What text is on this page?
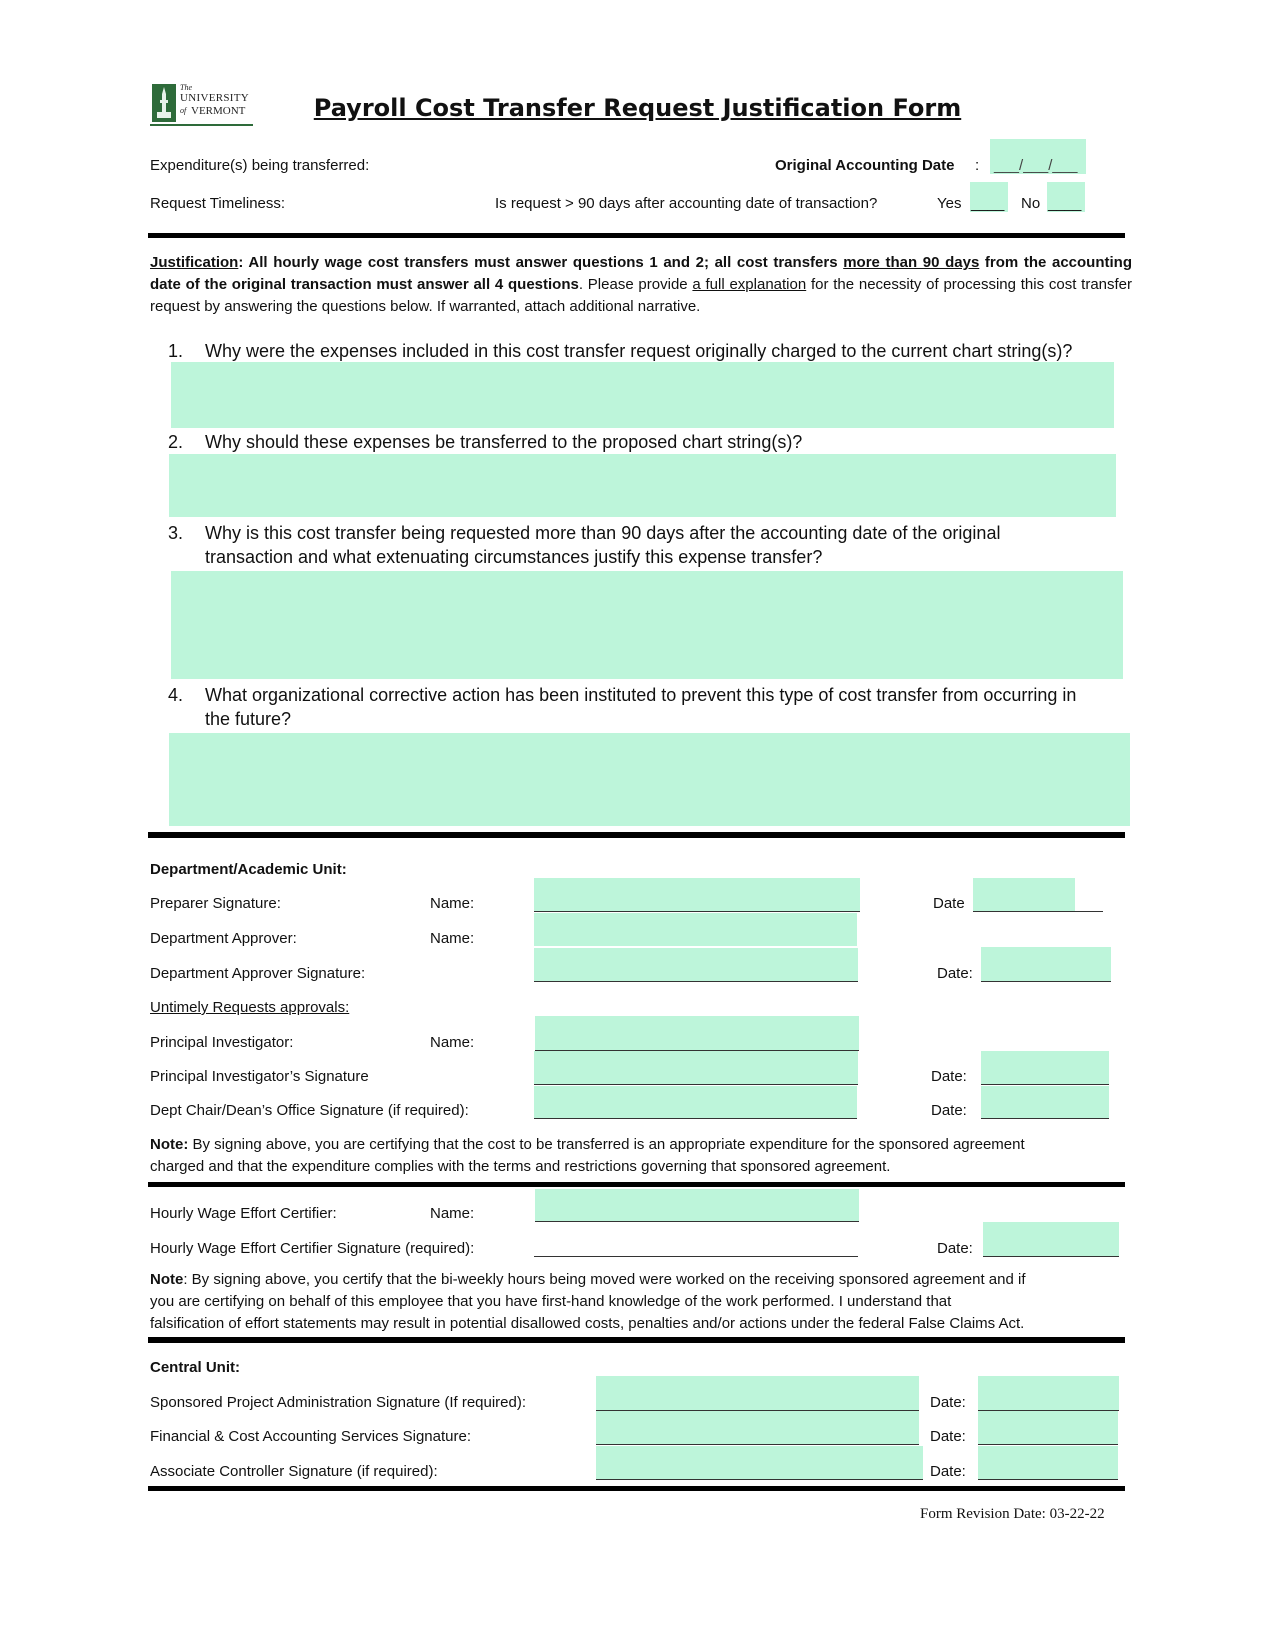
The
UNIVERSITY
of VERMONT	Payroll Cost Transfer Request Justification Form
Expenditure(s) being transferred:	Original Accounting Date : ___/___/___
Request Timeliness:	Is request > 90 days after accounting date of transaction?	Yes ____ No ____
Justification: All hourly wage cost transfers must answer questions 1 and 2; all cost transfers more than 90 days from the accounting date of the original transaction must answer all 4 questions. Please provide a full explanation for the necessity of processing this cost transfer request by answering the questions below. If warranted, attach additional narrative.
1. Why were the expenses included in this cost transfer request originally charged to the current chart string(s)?
2. Why should these expenses be transferred to the proposed chart string(s)?
3. Why is this cost transfer being requested more than 90 days after the accounting date of the original
transaction and what extenuating circumstances justify this expense transfer?
4. What organizational corrective action has been instituted to prevent this type of cost transfer from occurring in
the future?
Department/Academic Unit:
Preparer Signature:	Name:	Date
Department Approver:	Name:
Department Approver Signature:	Date:
Untimely Requests approvals:
Principal Investigator:	Name:
Principal Investigator’s Signature	Date:
Dept Chair/Dean’s Office Signature (if required):	Date:
Note: By signing above, you are certifying that the cost to be transferred is an appropriate expenditure for the sponsored agreement
charged and that the expenditure complies with the terms and restrictions governing that sponsored agreement.
Hourly Wage Effort Certifier:	Name:
Hourly Wage Effort Certifier Signature (required):	Date:
Note: By signing above, you certify that the bi-weekly hours being moved were worked on the receiving sponsored agreement and if
you are certifying on behalf of this employee that you have first-hand knowledge of the work performed. I understand that
falsification of effort statements may result in potential disallowed costs, penalties and/or actions under the federal False Claims Act.
Central Unit:
Sponsored Project Administration Signature (If required):	Date:
Financial & Cost Accounting Services Signature:	Date:
Associate Controller Signature (if required):	Date:
Form Revision Date: 03-22-22
